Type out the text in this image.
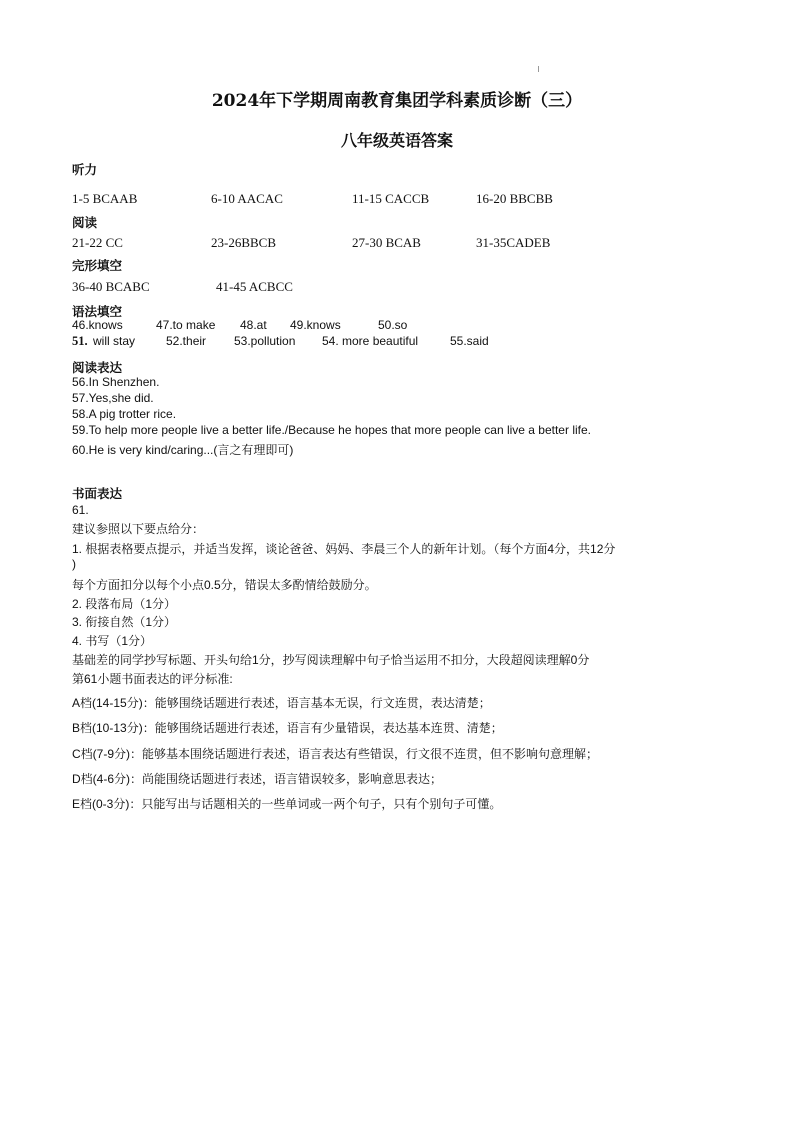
2024年下学期周南教育集团学科素质诊断（三）
八年级英语答案
听力
1-5 BCAAB	6-10 AACAC	11-15 CACCB	16-20 BBCBB
阅读
21-22 CC	23-26BBCB	27-30 BCAB	31-35CADEB
完形填空
36-40 BCABC	41-45 ACBCC
语法填空
46.knows	47.to make 48.at 49.knows	50.so
51. will stay	52.their 53.pollution 54. more beautiful	55.said
阅读表达
56.In Shenzhen.
57.Yes,she did.
58.A pig trotter rice.
59.To help more people live a better life./Because he hopes that more people can live a better life.
60.He is very kind/caring...(言之有理即可)
书面表达
61.
建议参照以下要点给分：
1. 根据表格要点提示，并适当发挥，谈论爸爸、妈妈、李晨三个人的新年计划。（每个方面4分，共12分
)
每个方面扣分以每个小点0.5分，错误太多酌情给鼓励分。
2. 段落布局（1分）
3. 衔接自然（1分）
4. 书写（1分）
基础差的同学抄写标题、开头句给1分，抄写阅读理解中句子恰当运用不扣分，大段超阅读理解0分
第61小题书面表达的评分标准:
A档(14-15分)：能够围绕话题进行表述，语言基本无误，行文连贯，表达清楚；
B档(10-13分)：能够围绕话题进行表述，语言有少量错误，表达基本连贯、清楚；
C档(7-9分)：能够基本围绕话题进行表述，语言表达有些错误，行文很不连贯，但不影响句意理解；
D档(4-6分)：尚能围绕话题进行表述，语言错误较多，影响意思表达；
E档(0-3分)：只能写出与话题相关的一些单词或一两个句子，只有个别句子可懂。
